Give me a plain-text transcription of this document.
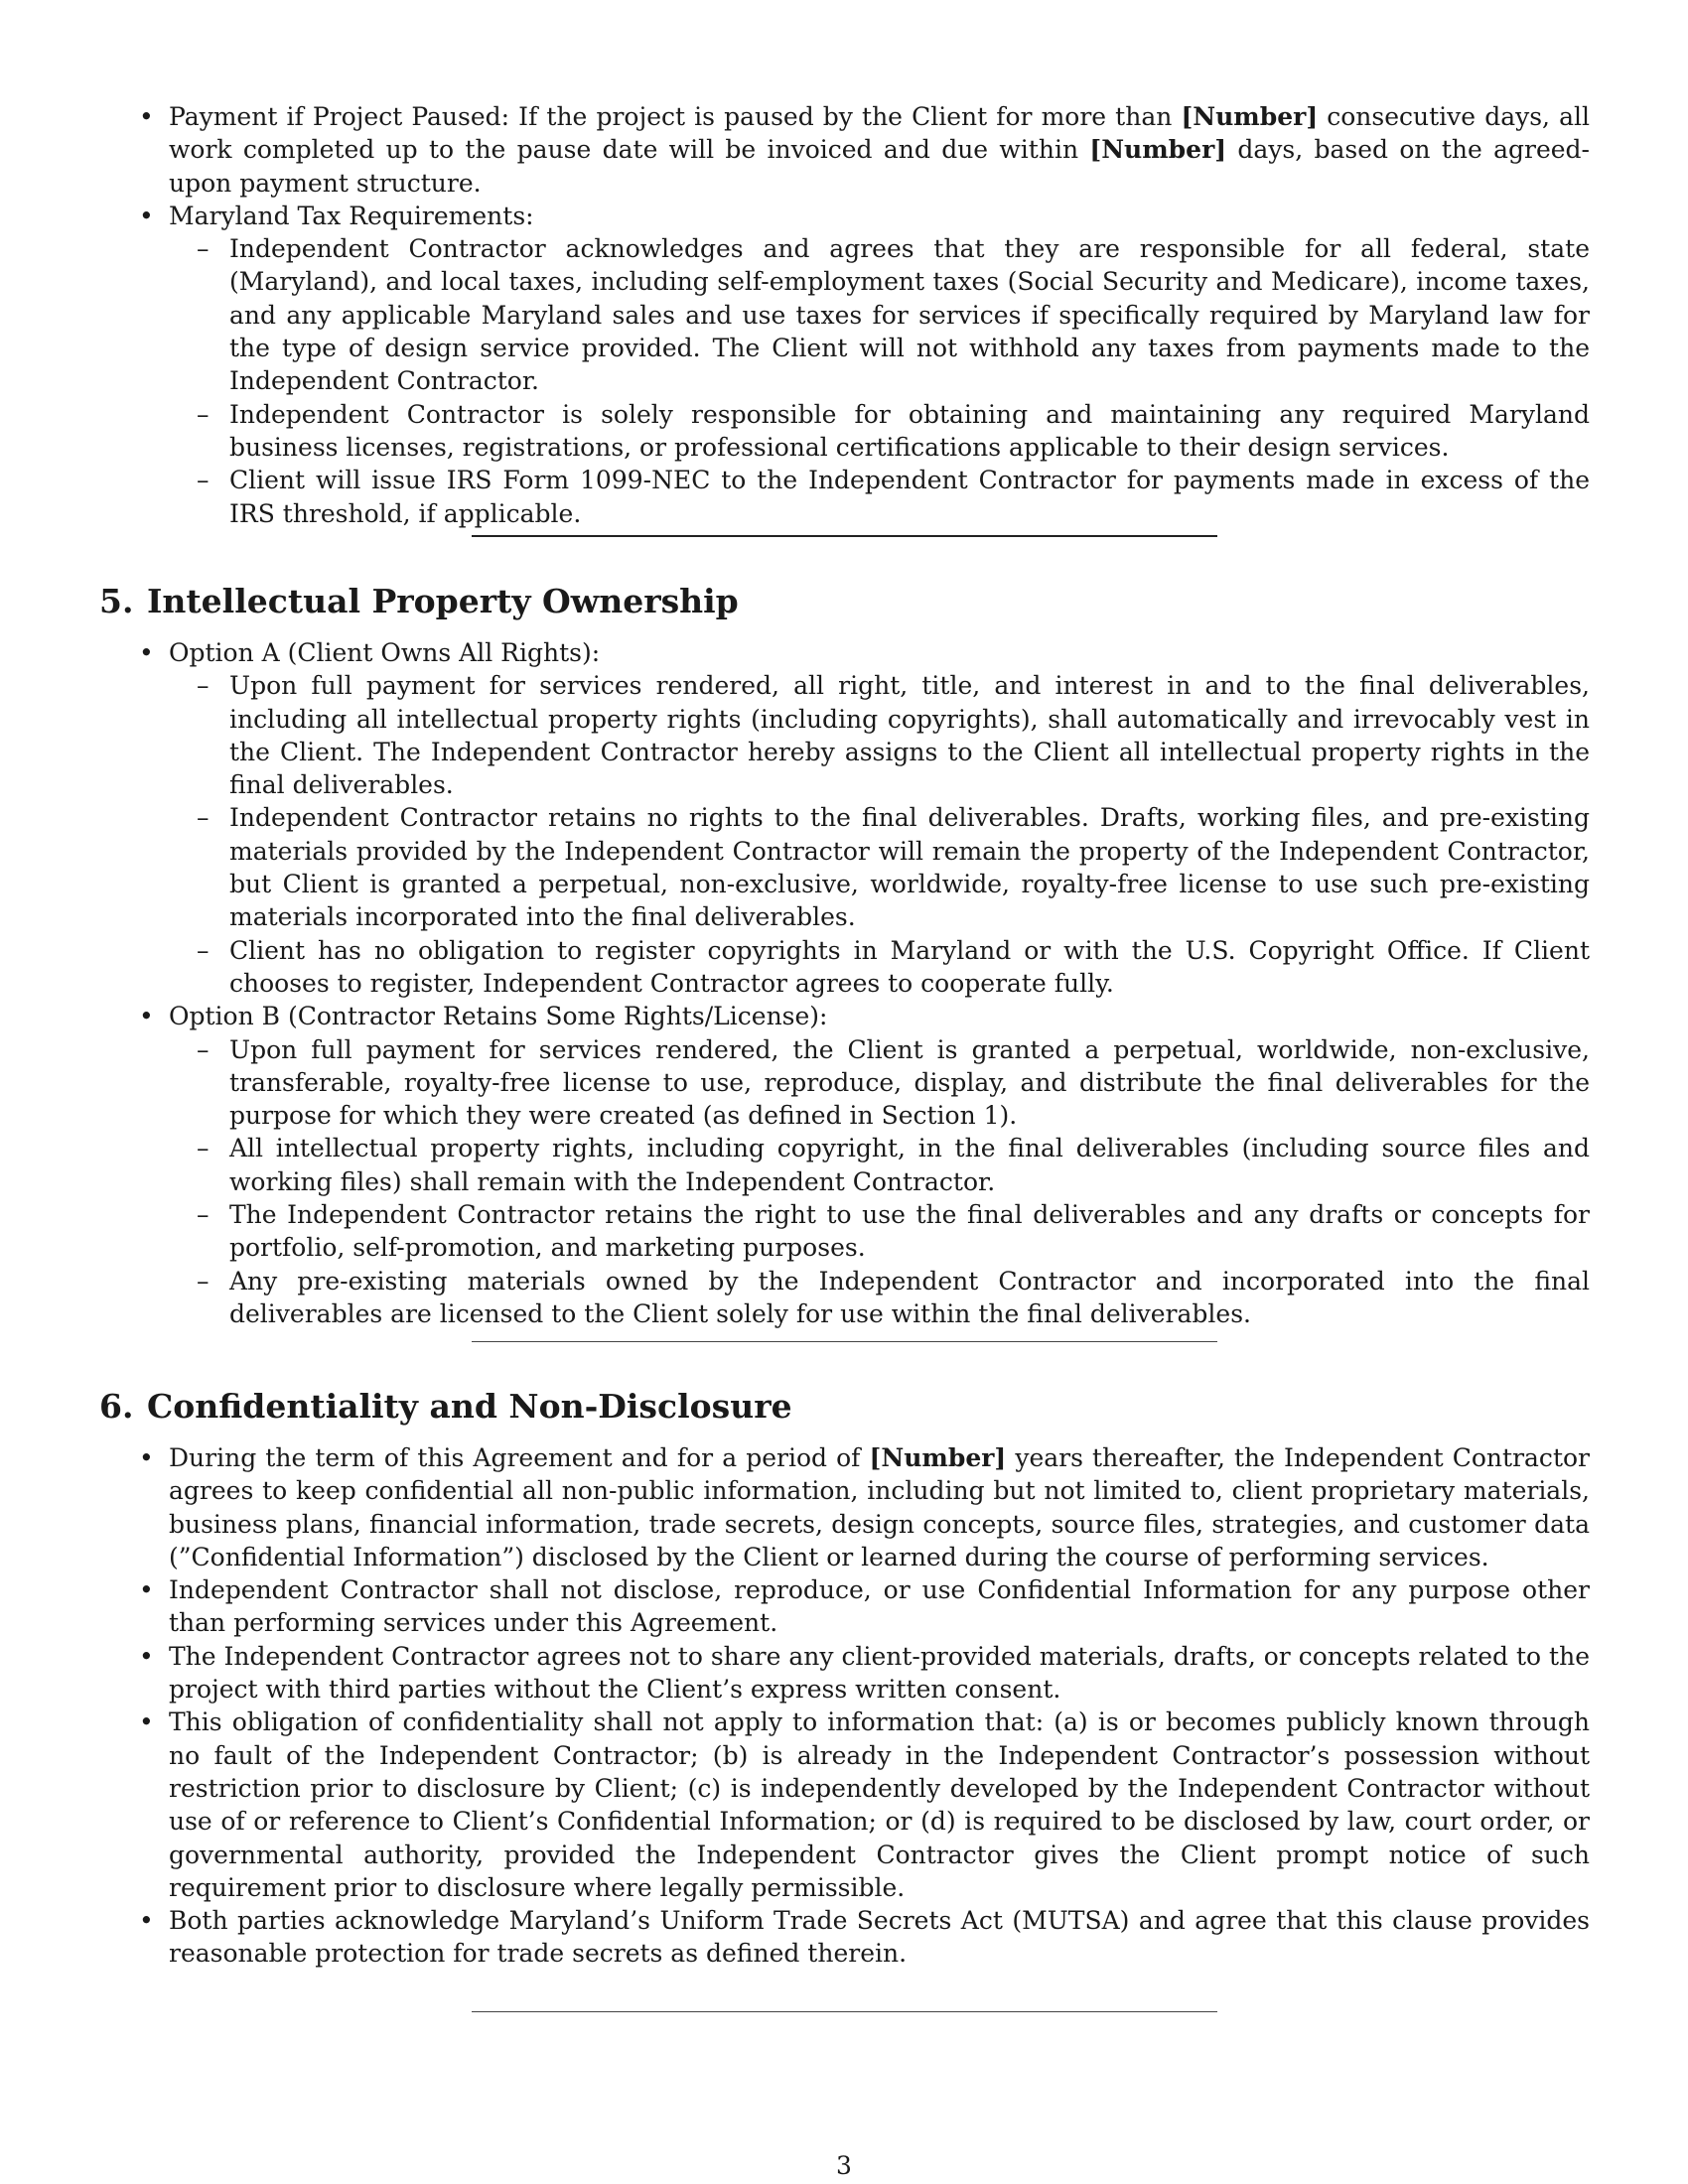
• Payment if Project Paused: If the project is paused by the Client for more than [Number] consecutive days, all work completed up to the pause date will be invoiced and due within [Number] days, based on the agreed-upon payment structure.
• Maryland Tax Requirements:
– Independent Contractor acknowledges and agrees that they are responsible for all federal, state (Maryland), and local taxes, including self-employment taxes (Social Security and Medicare), income taxes, and any applicable Maryland sales and use taxes for services if specifically required by Maryland law for the type of design service provided. The Client will not withhold any taxes from payments made to the Independent Contractor.
– Independent Contractor is solely responsible for obtaining and maintaining any required Maryland business licenses, registrations, or professional certifications applicable to their design services.
– Client will issue IRS Form 1099-NEC to the Independent Contractor for payments made in excess of the IRS threshold, if applicable.
5. Intellectual Property Ownership
• Option A (Client Owns All Rights):
– Upon full payment for services rendered, all right, title, and interest in and to the final deliverables, including all intellectual property rights (including copyrights), shall automatically and irrevocably vest in the Client. The Independent Contractor hereby assigns to the Client all intellectual property rights in the final deliverables.
– Independent Contractor retains no rights to the final deliverables. Drafts, working files, and pre-existing materials provided by the Independent Contractor will remain the property of the Independent Contractor, but Client is granted a perpetual, non-exclusive, worldwide, royalty-free license to use such pre-existing materials incorporated into the final deliverables.
– Client has no obligation to register copyrights in Maryland or with the U.S. Copyright Office. If Client chooses to register, Independent Contractor agrees to cooperate fully.
• Option B (Contractor Retains Some Rights/License):
– Upon full payment for services rendered, the Client is granted a perpetual, worldwide, non-exclusive, transferable, royalty-free license to use, reproduce, display, and distribute the final deliverables for the purpose for which they were created (as defined in Section 1).
– All intellectual property rights, including copyright, in the final deliverables (including source files and working files) shall remain with the Independent Contractor.
– The Independent Contractor retains the right to use the final deliverables and any drafts or concepts for portfolio, self-promotion, and marketing purposes.
– Any pre-existing materials owned by the Independent Contractor and incorporated into the final deliverables are licensed to the Client solely for use within the final deliverables.
6. Confidentiality and Non-Disclosure
• During the term of this Agreement and for a period of [Number] years thereafter, the Independent Contractor agrees to keep confidential all non-public information, including but not limited to, client proprietary materials, business plans, financial information, trade secrets, design concepts, source files, strategies, and customer data (”Confidential Information”) disclosed by the Client or learned during the course of performing services.
• Independent Contractor shall not disclose, reproduce, or use Confidential Information for any purpose other than performing services under this Agreement.
• The Independent Contractor agrees not to share any client-provided materials, drafts, or concepts related to the project with third parties without the Client’s express written consent.
• This obligation of confidentiality shall not apply to information that: (a) is or becomes publicly known through no fault of the Independent Contractor; (b) is already in the Independent Contractor’s possession without restriction prior to disclosure by Client; (c) is independently developed by the Independent Contractor without use of or reference to Client’s Confidential Information; or (d) is required to be disclosed by law, court order, or governmental authority, provided the Independent Contractor gives the Client prompt notice of such requirement prior to disclosure where legally permissible.
• Both parties acknowledge Maryland’s Uniform Trade Secrets Act (MUTSA) and agree that this clause provides reasonable protection for trade secrets as defined therein.
3
